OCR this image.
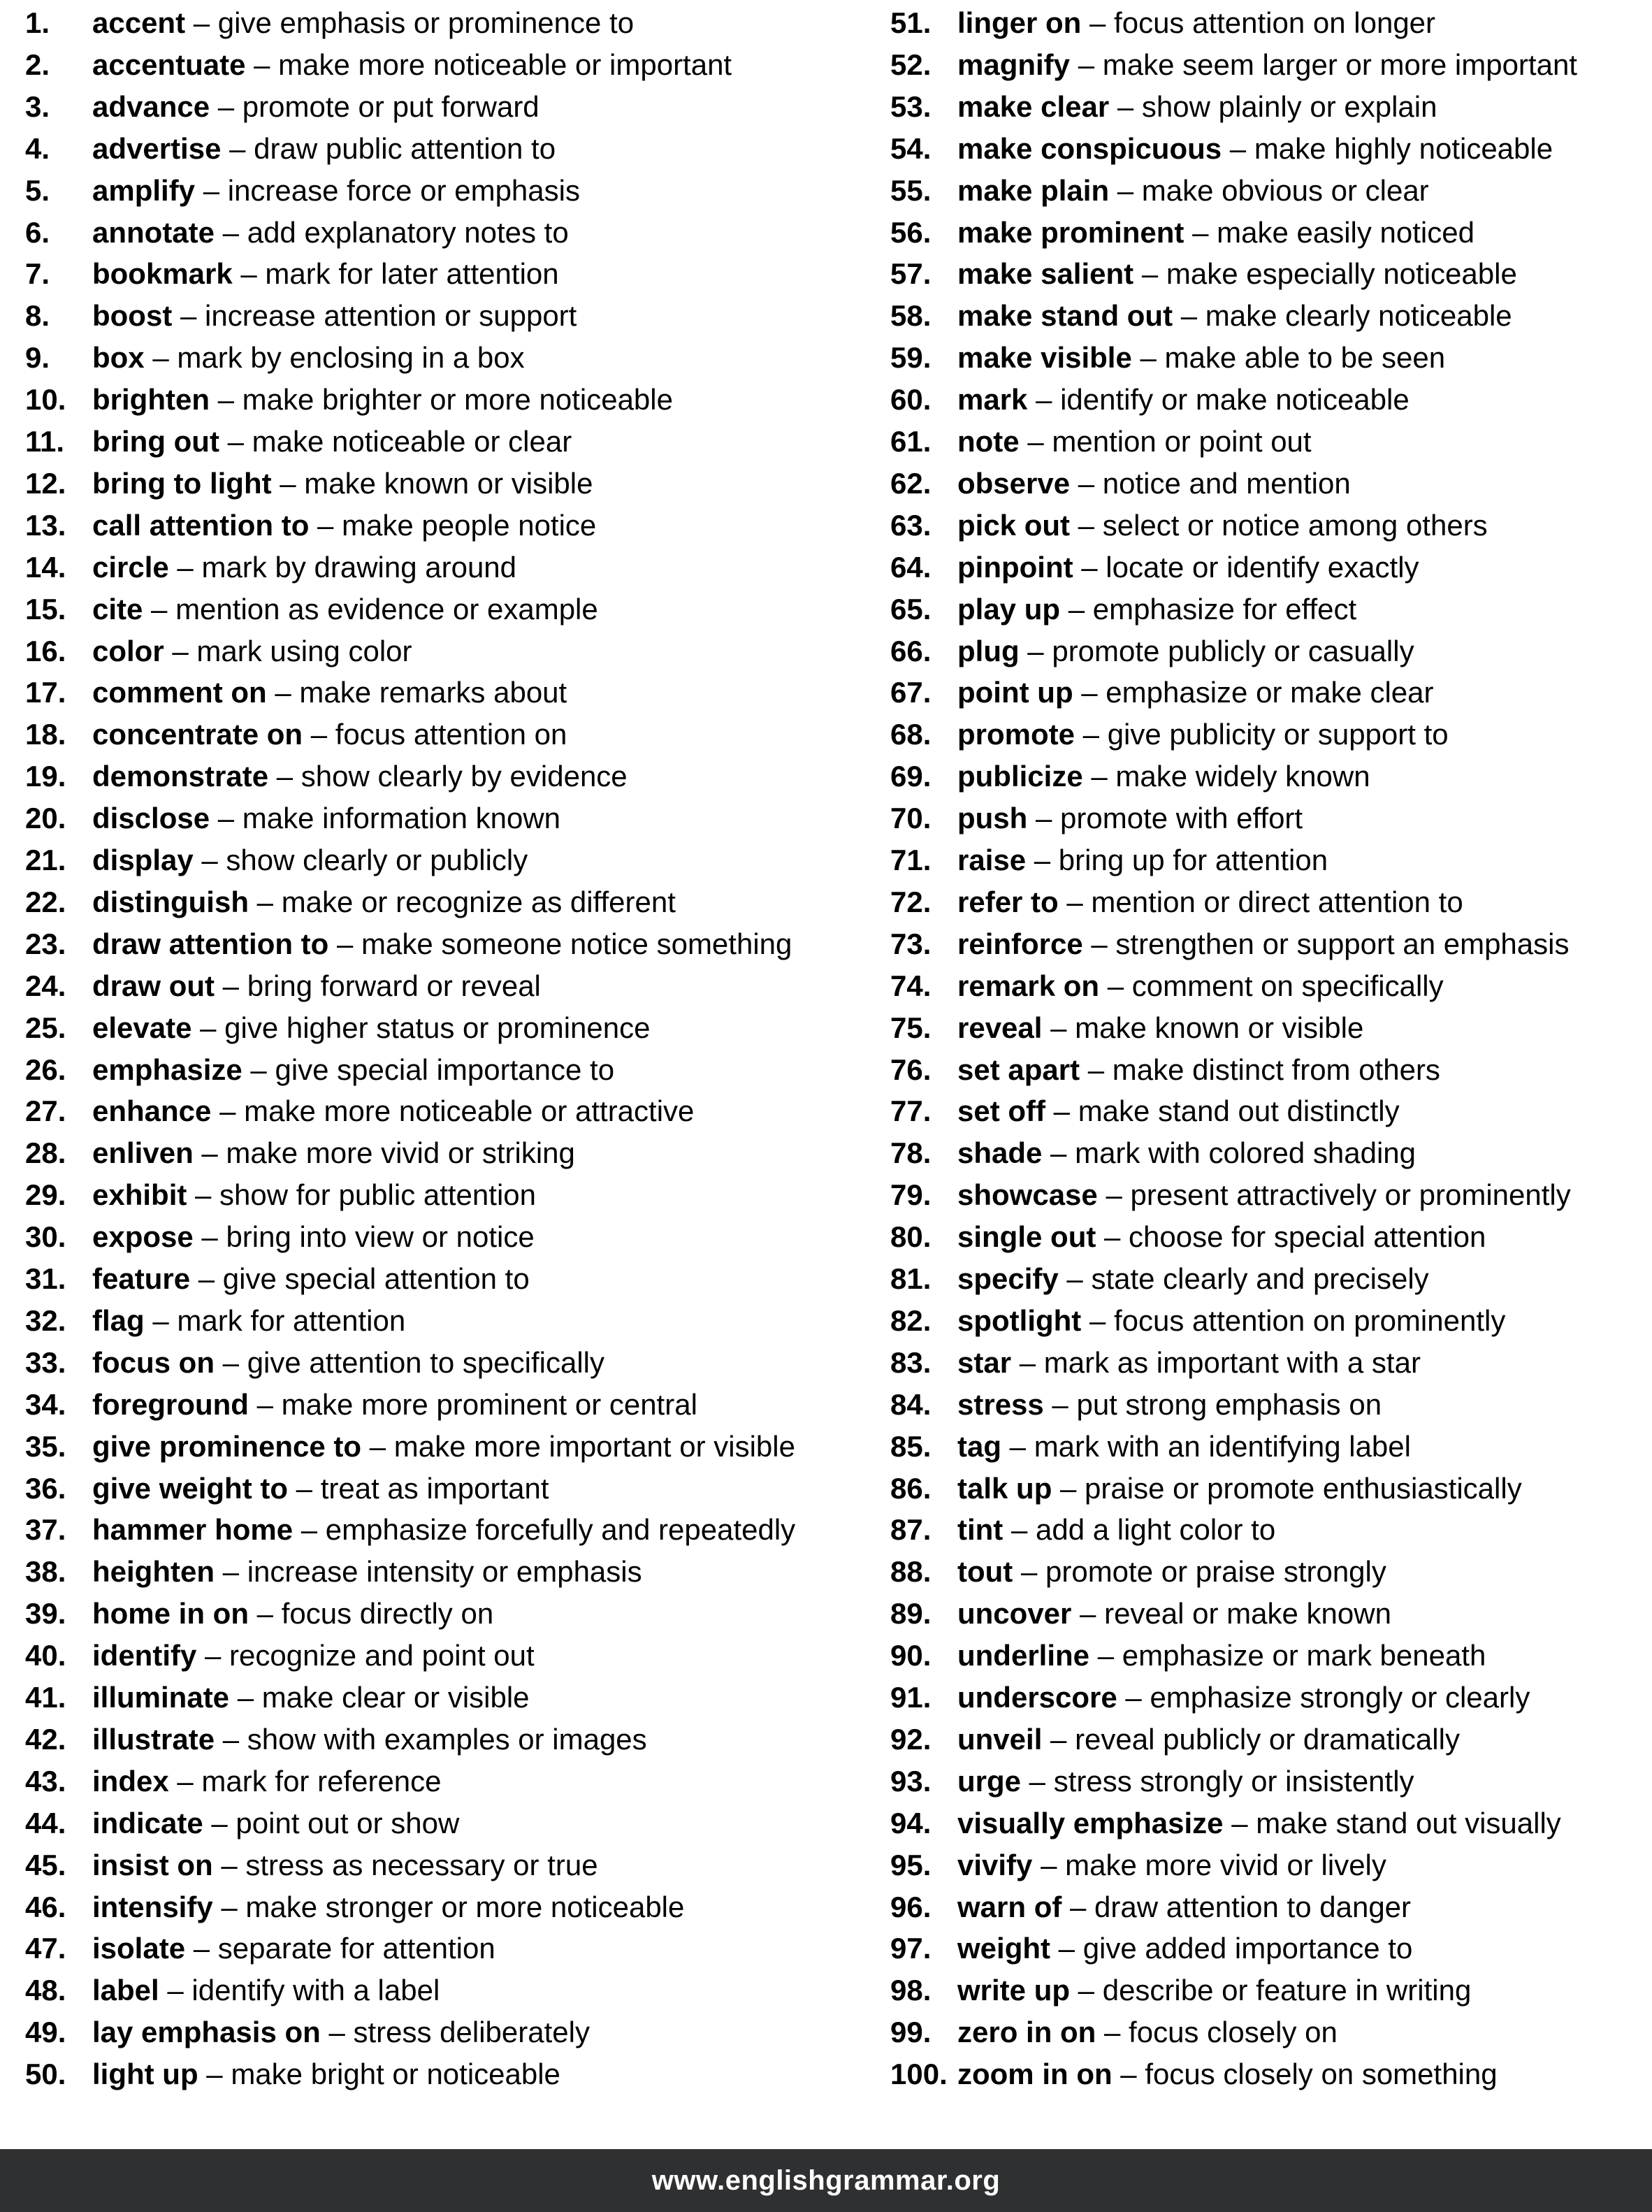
1. accent – give emphasis or prominence to
2. accentuate – make more noticeable or important
3. advance – promote or put forward
4. advertise – draw public attention to
5. amplify – increase force or emphasis
6. annotate – add explanatory notes to
7. bookmark – mark for later attention
8. boost – increase attention or support
9. box – mark by enclosing in a box
10. brighten – make brighter or more noticeable
11. bring out – make noticeable or clear
12. bring to light – make known or visible
13. call attention to – make people notice
14. circle – mark by drawing around
15. cite – mention as evidence or example
16. color – mark using color
17. comment on – make remarks about
18. concentrate on – focus attention on
19. demonstrate – show clearly by evidence
20. disclose – make information known
21. display – show clearly or publicly
22. distinguish – make or recognize as different
23. draw attention to – make someone notice something
24. draw out – bring forward or reveal
25. elevate – give higher status or prominence
26. emphasize – give special importance to
27. enhance – make more noticeable or attractive
28. enliven – make more vivid or striking
29. exhibit – show for public attention
30. expose – bring into view or notice
31. feature – give special attention to
32. flag – mark for attention
33. focus on – give attention to specifically
34. foreground – make more prominent or central
35. give prominence to – make more important or visible
36. give weight to – treat as important
37. hammer home – emphasize forcefully and repeatedly
38. heighten – increase intensity or emphasis
39. home in on – focus directly on
40. identify – recognize and point out
41. illuminate – make clear or visible
42. illustrate – show with examples or images
43. index – mark for reference
44. indicate – point out or show
45. insist on – stress as necessary or true
46. intensify – make stronger or more noticeable
47. isolate – separate for attention
48. label – identify with a label
49. lay emphasis on – stress deliberately
50. light up – make bright or noticeable
51. linger on – focus attention on longer
52. magnify – make seem larger or more important
53. make clear – show plainly or explain
54. make conspicuous – make highly noticeable
55. make plain – make obvious or clear
56. make prominent – make easily noticed
57. make salient – make especially noticeable
58. make stand out – make clearly noticeable
59. make visible – make able to be seen
60. mark – identify or make noticeable
61. note – mention or point out
62. observe – notice and mention
63. pick out – select or notice among others
64. pinpoint – locate or identify exactly
65. play up – emphasize for effect
66. plug – promote publicly or casually
67. point up – emphasize or make clear
68. promote – give publicity or support to
69. publicize – make widely known
70. push – promote with effort
71. raise – bring up for attention
72. refer to – mention or direct attention to
73. reinforce – strengthen or support an emphasis
74. remark on – comment on specifically
75. reveal – make known or visible
76. set apart – make distinct from others
77. set off – make stand out distinctly
78. shade – mark with colored shading
79. showcase – present attractively or prominently
80. single out – choose for special attention
81. specify – state clearly and precisely
82. spotlight – focus attention on prominently
83. star – mark as important with a star
84. stress – put strong emphasis on
85. tag – mark with an identifying label
86. talk up – praise or promote enthusiastically
87. tint – add a light color to
88. tout – promote or praise strongly
89. uncover – reveal or make known
90. underline – emphasize or mark beneath
91. underscore – emphasize strongly or clearly
92. unveil – reveal publicly or dramatically
93. urge – stress strongly or insistently
94. visually emphasize – make stand out visually
95. vivify – make more vivid or lively
96. warn of – draw attention to danger
97. weight – give added importance to
98. write up – describe or feature in writing
99. zero in on – focus closely on
100. zoom in on – focus closely on something
www.englishgrammar.org
